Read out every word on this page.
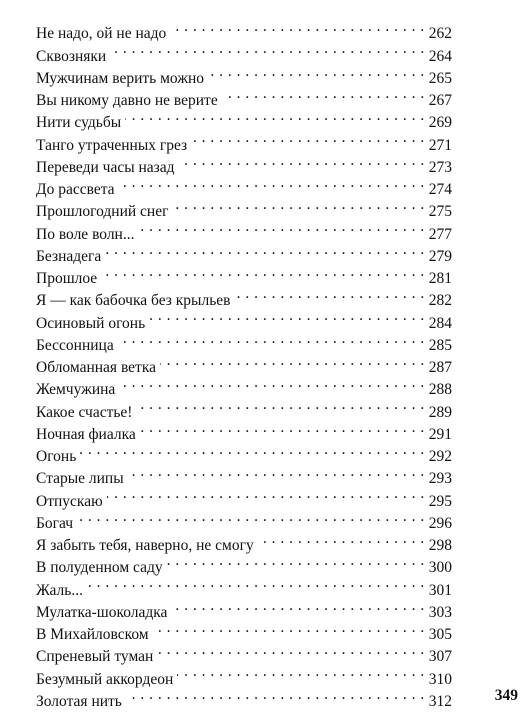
Не надо, ой не надо . . .	262
Сквозняки . . .	264
Мужчинам верить можно . . .	265
Вы никому давно не верите . . .	267
Нити судьбы . . .	269
Танго утраченных грез . . .	271
Переведи часы назад . . .	273
До рассвета . . .	274
Прошлогодний снег . . .	275
По воле волн... . . .	277
Безнадега . . .	279
Прошлое . . .	281
Я — как бабочка без крыльев . . .	282
Осиновый огонь . . .	284
Бессонница . . .	285
Обломанная ветка . . .	287
Жемчужина . . .	288
Какое счастье! . . .	289
Ночная фиалка . . .	291
Огонь . . .	292
Старые липы . . .	293
Отпускаю . . .	295
Богач . . .	296
Я забыть тебя, наверно, не смогу . . .	298
В полуденном саду . . .	300
Жаль... . . .	301
Мулатка-шоколадка . . .	303
В Михайловском . . .	305
Спреневый туман . . .	307
Безумный аккордеон . . .	310
Золотая нить . . .	312	349
